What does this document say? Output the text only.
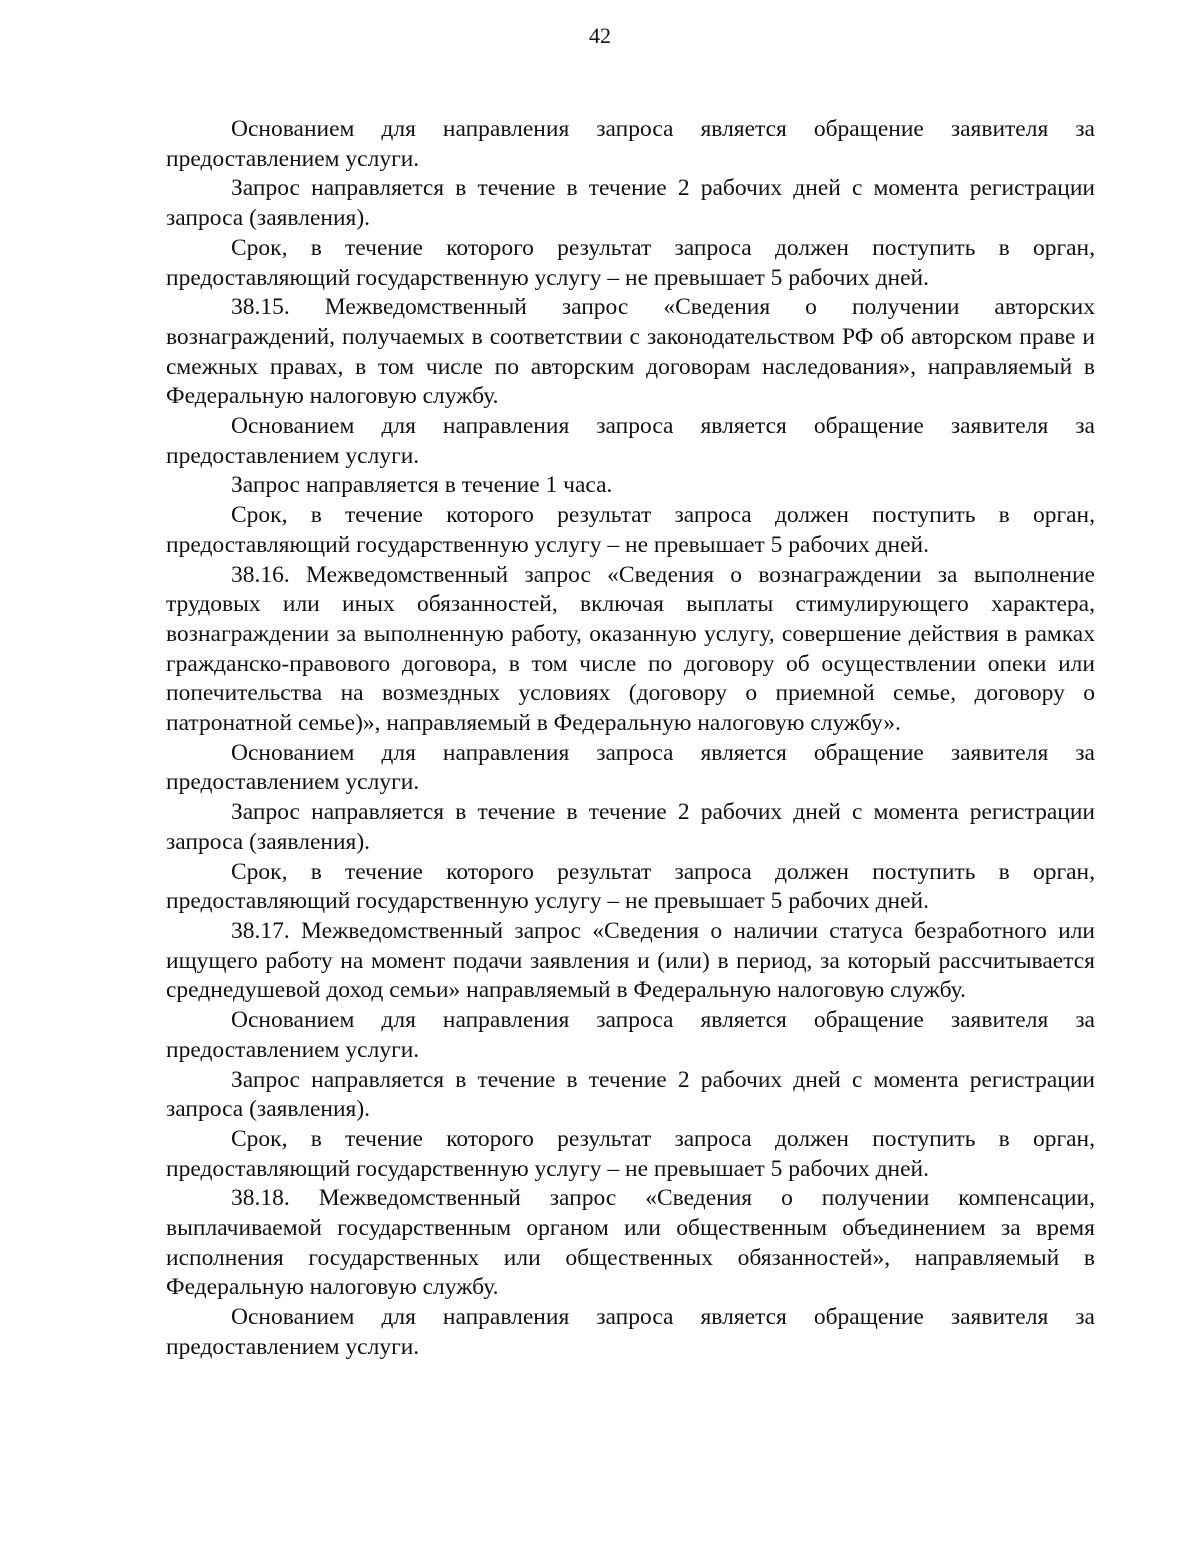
42

Основанием для направления запроса является обращение заявителя за предоставлением услуги.

Запрос направляется в течение в течение 2 рабочих дней с момента регистрации запроса (заявления).

Срок, в течение которого результат запроса должен поступить в орган, предоставляющий государственную услугу – не превышает 5 рабочих дней.

38.15. Межведомственный запрос «Сведения о получении авторских вознаграждений, получаемых в соответствии с законодательством РФ об авторском праве и смежных правах, в том числе по авторским договорам наследования», направляемый в Федеральную налоговую службу.

Основанием для направления запроса является обращение заявителя за предоставлением услуги.

Запрос направляется в течение 1 часа.

Срок, в течение которого результат запроса должен поступить в орган, предоставляющий государственную услугу – не превышает 5 рабочих дней.

38.16. Межведомственный запрос «Сведения о вознаграждении за выполнение трудовых или иных обязанностей, включая выплаты стимулирующего характера, вознаграждении за выполненную работу, оказанную услугу, совершение действия в рамках гражданско-правового договора, в том числе по договору об осуществлении опеки или попечительства на возмездных условиях (договору о приемной семье, договору о патронатной семье)», направляемый в Федеральную налоговую службу».

Основанием для направления запроса является обращение заявителя за предоставлением услуги.

Запрос направляется в течение в течение 2 рабочих дней с момента регистрации запроса (заявления).

Срок, в течение которого результат запроса должен поступить в орган, предоставляющий государственную услугу – не превышает 5 рабочих дней.

38.17. Межведомственный запрос «Сведения о наличии статуса безработного или ищущего работу на момент подачи заявления и (или) в период, за который рассчитывается среднедушевой доход семьи» направляемый в Федеральную налоговую службу.

Основанием для направления запроса является обращение заявителя за предоставлением услуги.

Запрос направляется в течение в течение 2 рабочих дней с момента регистрации запроса (заявления).

Срок, в течение которого результат запроса должен поступить в орган, предоставляющий государственную услугу – не превышает 5 рабочих дней.

38.18. Межведомственный запрос «Сведения о получении компенсации, выплачиваемой государственным органом или общественным объединением за время исполнения государственных или общественных обязанностей», направляемый в Федеральную налоговую службу.

Основанием для направления запроса является обращение заявителя за предоставлением услуги.
